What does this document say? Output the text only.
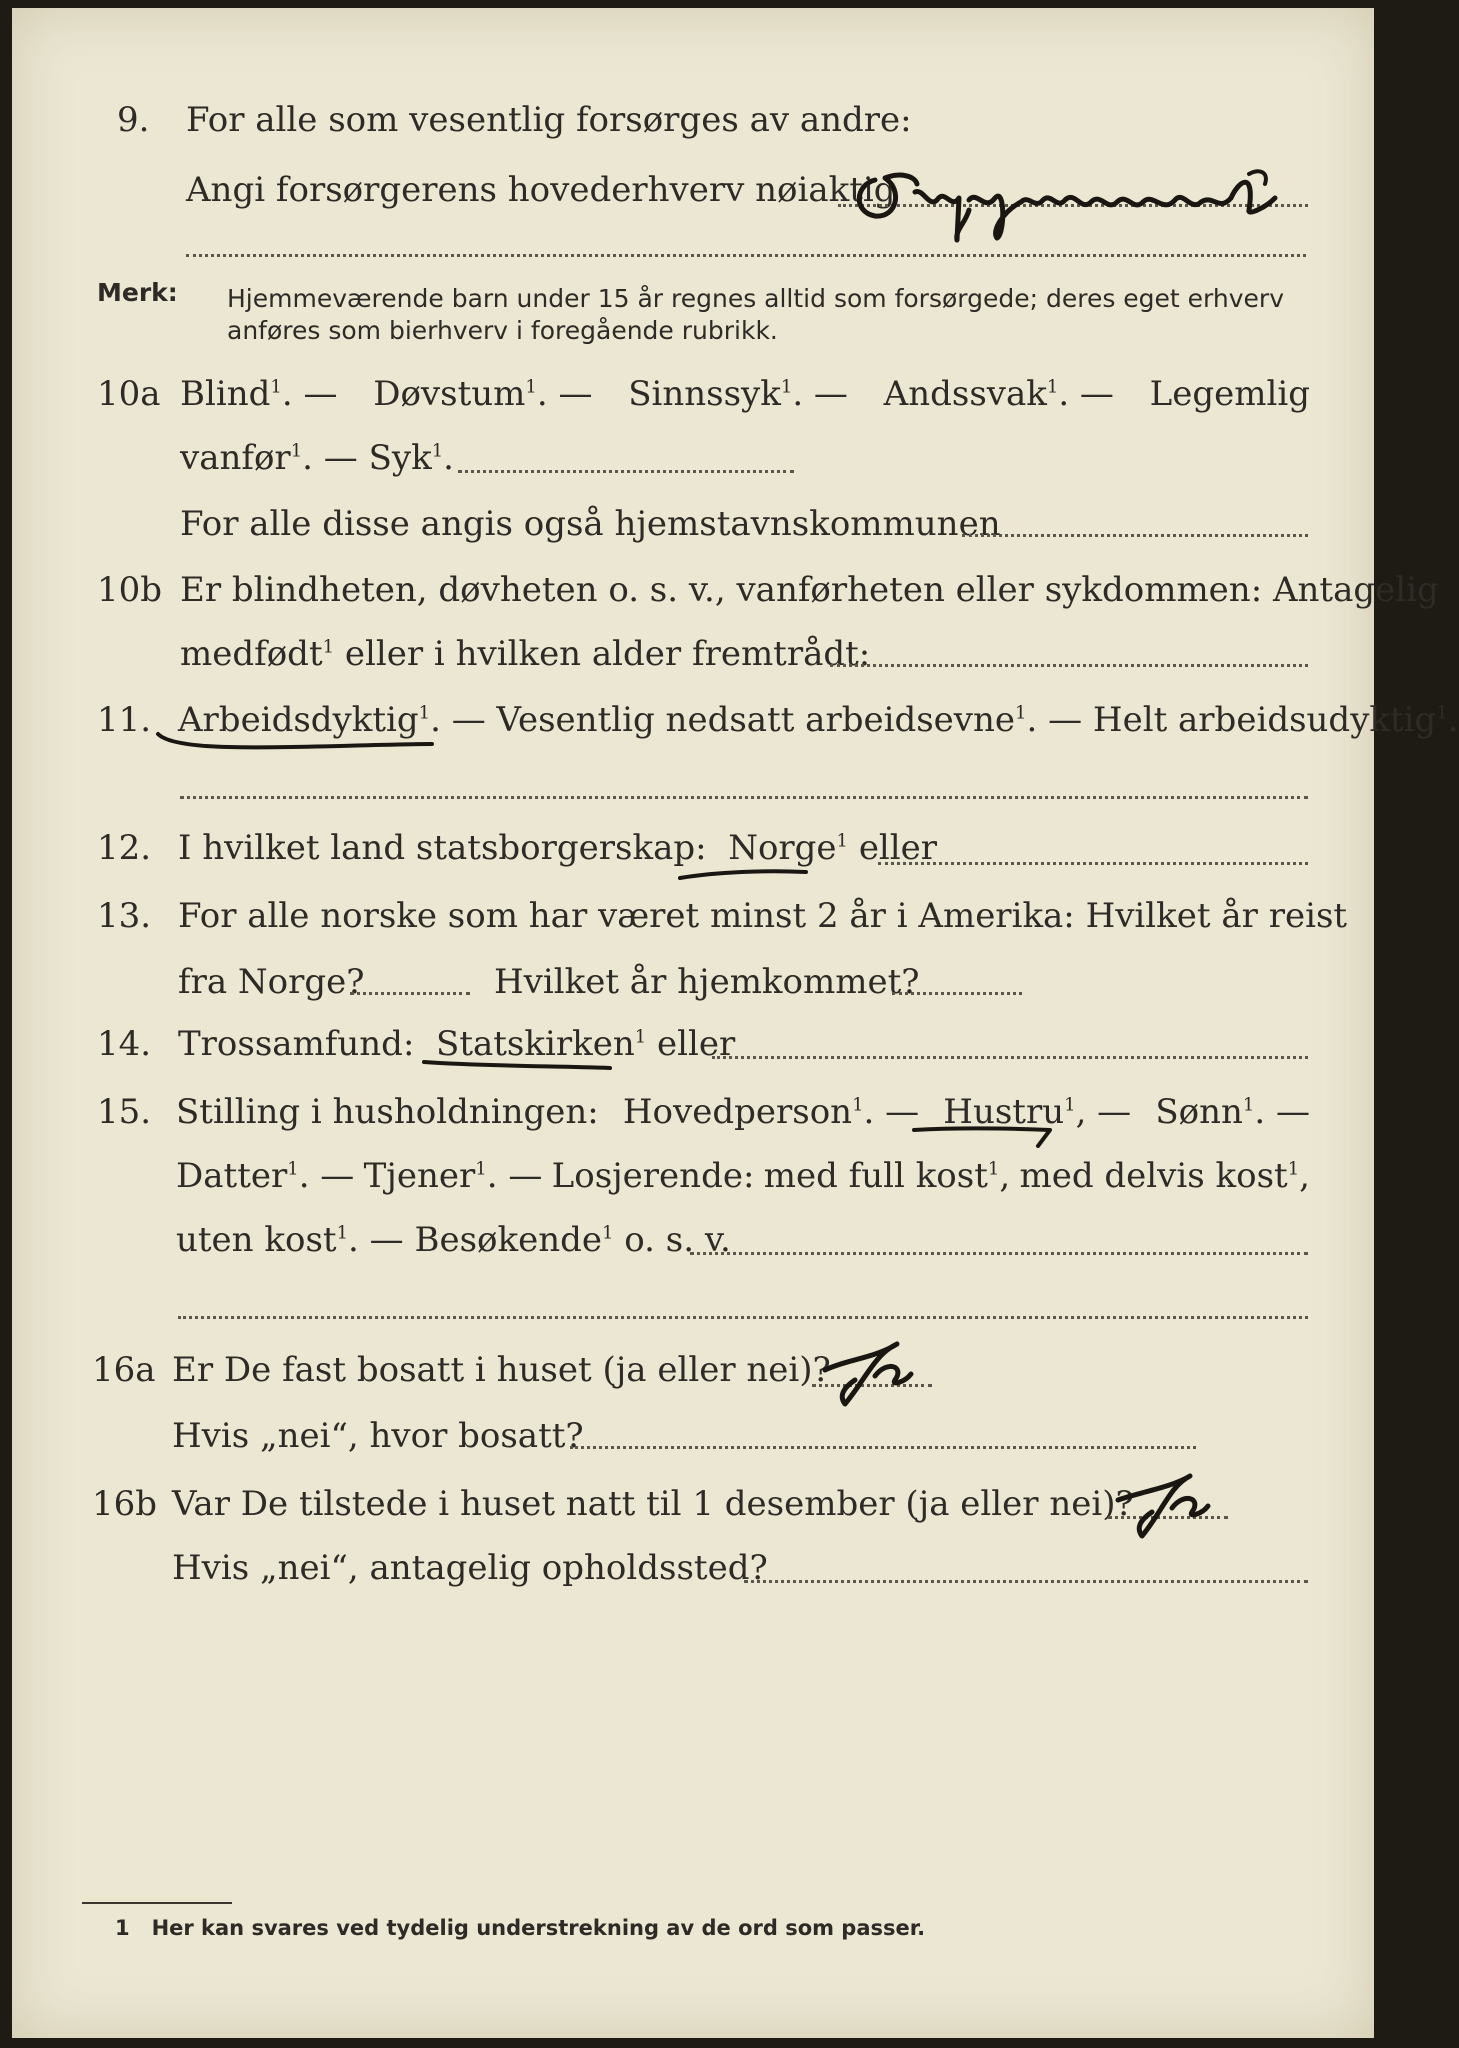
9. For alle som vesentlig forsørges av andre:
Angi forsørgerens hovederhverv nøiaktig
Merk: Hjemmeværende barn under 15 år regnes alltid som forsørgede; deres eget erhverv
anføres som bierhverv i foregående rubrikk.
10a Blind$^1$. — Døvstum$^1$. — Sinnssyk$^1$. — Andssvak$^1$. — Legemlig
vanfør$^1$. — Syk$^1$.
For alle disse angis også hjemstavnskommunen
10b Er blindheten, døvheten o. s. v., vanførheten eller sykdommen: Antagelig
medfødt$^1$ eller i hvilken alder fremtrådt:
11. Arbeidsdyktig$^1$. — Vesentlig nedsatt arbeidsevne$^1$. — Helt arbeidsudyktig$^1$.
12. I hvilket land statsborgerskap: Norge$^1$ eller
13. For alle norske som har været minst 2 år i Amerika: Hvilket år reist
fra Norge?	Hvilket år hjemkommet?
14. Trossamfund: Statskirken$^1$ eller
15. Stilling i husholdningen: Hovedperson$^1$. — Hustru$^1$, — Sønn$^1$. —
Datter$^1$. — Tjener$^1$. — Losjerende: med full kost$^1$, med delvis kost$^1$,
uten kost$^1$. — Besøkende$^1$ o. s. v.
16a Er De fast bosatt i huset (ja eller nei)?
Hvis „nei“, hvor bosatt?
16b Var De tilstede i huset natt til 1 desember (ja eller nei)?
Hvis „nei“, antagelig opholdssted?
1 Her kan svares ved tydelig understrekning av de ord som passer.
